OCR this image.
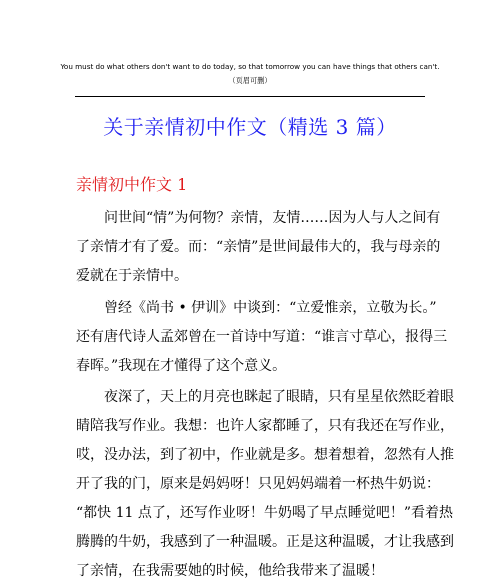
You must do what others don't want to do today, so that tomorrow you can have things that others can't.（页眉可删）
关于亲情初中作文（精选 3 篇）
亲情初中作文 1
问世间“情”为何物？亲情，友情……因为人与人之间有
了亲情才有了爱。而：“亲情”是世间最伟大的，我与母亲的
爱就在于亲情中。
曾经《尚书 • 伊训》中谈到：“立爱惟亲，立敬为长。”
还有唐代诗人孟郊曾在一首诗中写道：“谁言寸草心，报得三
春晖。”我现在才懂得了这个意义。
夜深了，天上的月亮也眯起了眼睛，只有星星依然眨着眼
睛陪我写作业。我想：也许人家都睡了，只有我还在写作业，
哎，没办法，到了初中，作业就是多。想着想着，忽然有人推
开了我的门，原来是妈妈呀！只见妈妈端着一杯热牛奶说：
“都快 11 点了，还写作业呀！牛奶喝了早点睡觉吧！”看着热
腾腾的牛奶，我感到了一种温暖。正是这种温暖，才让我感到
了亲情，在我需要她的时候，他给我带来了温暖！
